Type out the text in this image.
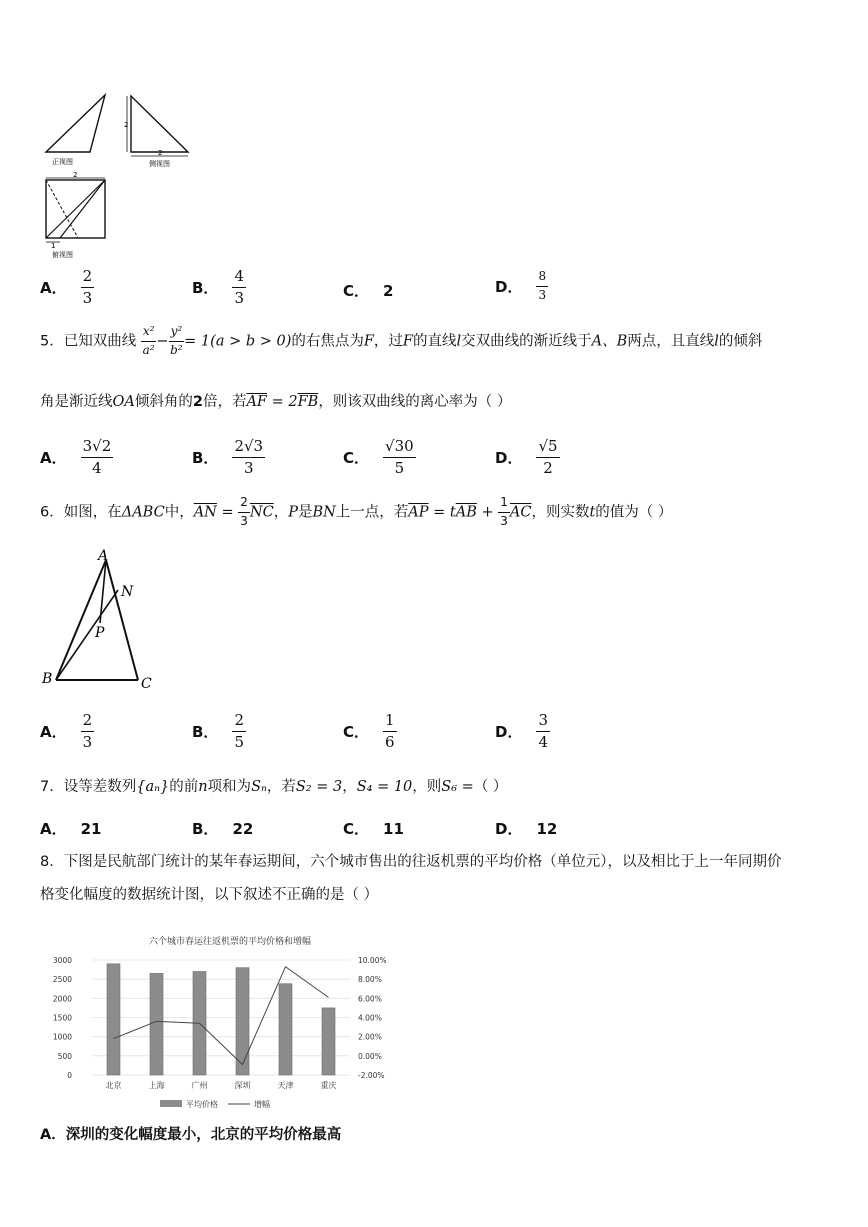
正视图
2
2
侧视图
2
1
俯视图
A． $\frac{2}{3}$	B． $\frac{4}{3}$	C． 2	D． $\frac{8}{3}$
5．已知双曲线 $\frac{\text{x²}}{\text{a²}} - \frac{\text{y²}}{\text{b²}} = 1(a > b > 0)$的右焦点为F，过F的直线l交双曲线的渐近线于A、B两点，且直线l的倾斜
角是渐近线OA倾斜角的2倍，若$\overline{AF} = 2\overline{FB}$，则该双曲线的离心率为（ ）
A． $\frac{3√2}{4}$	B． $\frac{2√3}{3}$	C． $\frac{√30}{5}$	D． $\frac{√5}{2}$
6．如图，在ΔABC中，$\overline{AN} = \frac{2}{3} \overline{NC}$，P是BN上一点，若$\overline{AP} = t\overline{AB} + \frac{1}{3} \overline{AC}$，则实数t的值为（ ）
A
N
P
B	C
A． $\frac{2}{3}$	B． $\frac{2}{5}$	C． $\frac{1}{6}$	D． $\frac{3}{4}$
7．设等差数列{aₙ}的前n项和为Sₙ，若S₂ = 3，S₄ = 10，则S₆ =（ ）
A． 21	B． 22	C． 11	D． 12
8．下图是民航部门统计的某年春运期间，六个城市售出的往返机票的平均价格（单位元），以及相比于上一年同期价
格变化幅度的数据统计图，以下叙述不正确的是（ ）
六个城市春运往返机票的平均价格和增幅
0
500
1000
1500
2000
2500
3000
-2.00%
0.00%
2.00%
4.00%
6.00%
8.00%
10.00%
北京	上海	广州	深圳	天津	重庆
平均价格	增幅
A．深圳的变化幅度最小，北京的平均价格最高
